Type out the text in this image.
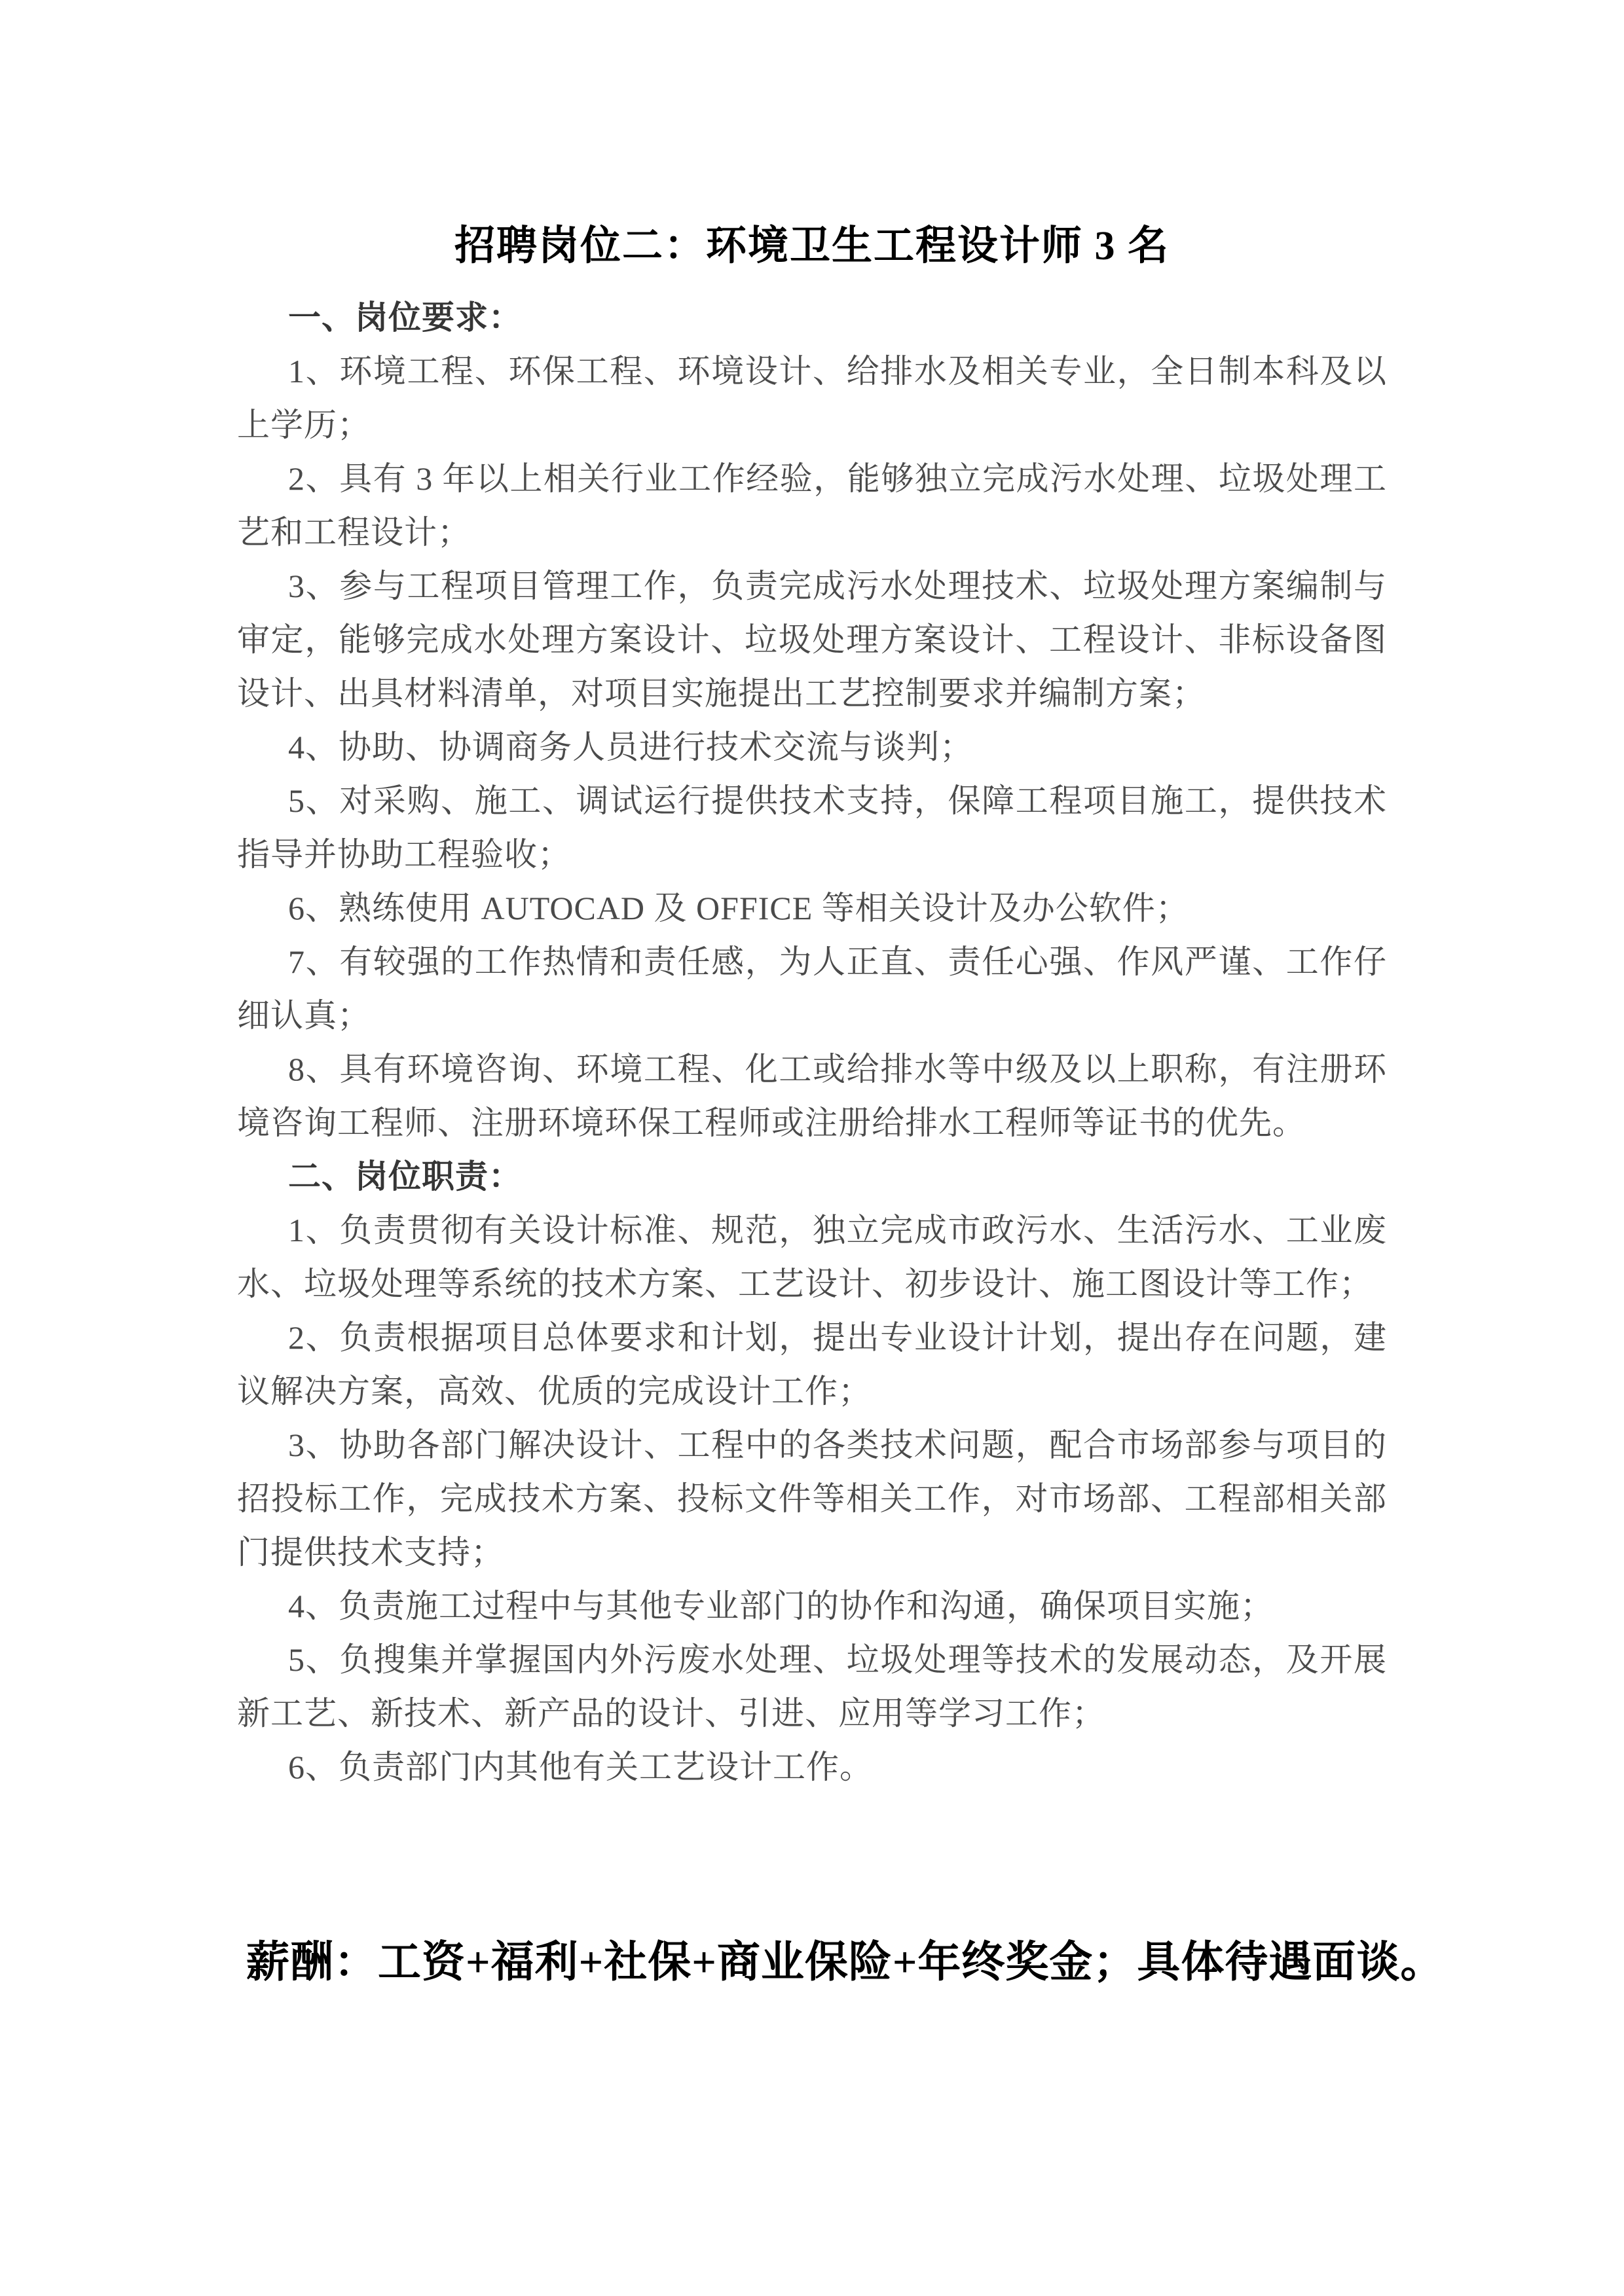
招聘岗位二：环境卫生工程设计师 3 名

一、岗位要求：

1、环境工程、环保工程、环境设计、给排水及相关专业，全日制本科及以上学历；

2、具有 3 年以上相关行业工作经验，能够独立完成污水处理、垃圾处理工艺和工程设计；

3、参与工程项目管理工作，负责完成污水处理技术、垃圾处理方案编制与审定，能够完成水处理方案设计、垃圾处理方案设计、工程设计、非标设备图设计、出具材料清单，对项目实施提出工艺控制要求并编制方案；

4、协助、协调商务人员进行技术交流与谈判；

5、对采购、施工、调试运行提供技术支持，保障工程项目施工，提供技术指导并协助工程验收；

6、熟练使用 AUTOCAD 及 OFFICE 等相关设计及办公软件；

7、有较强的工作热情和责任感，为人正直、责任心强、作风严谨、工作仔细认真；

8、具有环境咨询、环境工程、化工或给排水等中级及以上职称，有注册环境咨询工程师、注册环境环保工程师或注册给排水工程师等证书的优先。

二、岗位职责：

1、负责贯彻有关设计标准、规范，独立完成市政污水、生活污水、工业废水、垃圾处理等系统的技术方案、工艺设计、初步设计、施工图设计等工作；

2、负责根据项目总体要求和计划，提出专业设计计划，提出存在问题，建议解决方案，高效、优质的完成设计工作；

3、协助各部门解决设计、工程中的各类技术问题，配合市场部参与项目的招投标工作，完成技术方案、投标文件等相关工作，对市场部、工程部相关部门提供技术支持；

4、负责施工过程中与其他专业部门的协作和沟通，确保项目实施；

5、负搜集并掌握国内外污废水处理、垃圾处理等技术的发展动态，及开展新工艺、新技术、新产品的设计、引进、应用等学习工作；

6、负责部门内其他有关工艺设计工作。

薪酬：工资+福利+社保+商业保险+年终奖金；具体待遇面谈。
